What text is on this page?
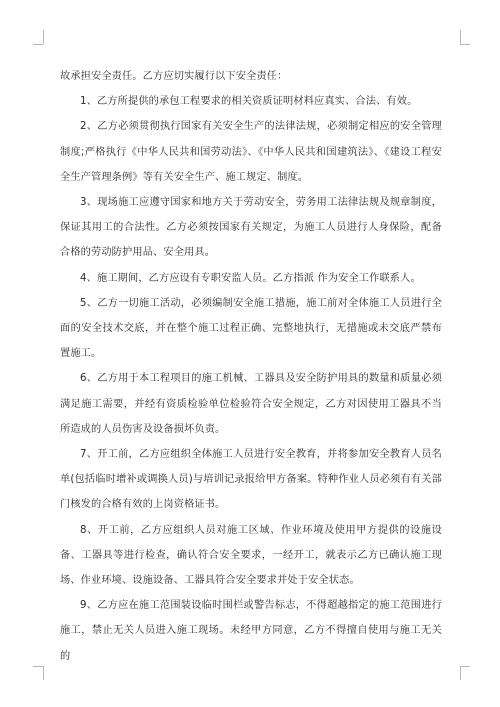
故承担安全责任。乙方应切实履行以下安全责任：

1、乙方所提供的承包工程要求的相关资质证明材料应真实、合法、有效。

2、乙方必须贯彻执行国家有关安全生产的法律法规，必须制定相应的安全管理制度;严格执行《中华人民共和国劳动法》、《中华人民共和国建筑法》、《建设工程安全生产管理条例》等有关安全生产、施工规定、制度。

3、现场施工应遵守国家和地方关于劳动安全，劳务用工法律法规及规章制度，保证其用工的合法性。乙方必须按国家有关规定，为施工人员进行人身保险，配备合格的劳动防护用品、安全用具。

4、施工期间，乙方应设有专职安监人员。乙方指派 作为安全工作联系人。

5、乙方一切施工活动，必须编制安全施工措施，施工前对全体施工人员进行全面的安全技术交底，并在整个施工过程正确、完整地执行，无措施或未交底严禁布置施工。

6、乙方用于本工程项目的施工机械、工器具及安全防护用具的数量和质量必须满足施工需要，并经有资质检验单位检验符合安全规定，乙方对因使用工器具不当所造成的人员伤害及设备损坏负责。

7、开工前，乙方应组织全体施工人员进行安全教育，并将参加安全教育人员名单(包括临时增补或调换人员)与培训记录报给甲方备案。特种作业人员必须有有关部门核发的合格有效的上岗资格证书。

8、开工前，乙方应组织人员对施工区域、作业环境及使用甲方提供的设施设备、工器具等进行检查，确认符合安全要求，一经开工，就表示乙方已确认施工现场、作业环境、设施设备、工器具符合安全要求并处于安全状态。

9、乙方应在施工范围装设临时围栏或警告标志，不得超越指定的施工范围进行施工，禁止无关人员进入施工现场。未经甲方同意，乙方不得擅自使用与施工无关的
